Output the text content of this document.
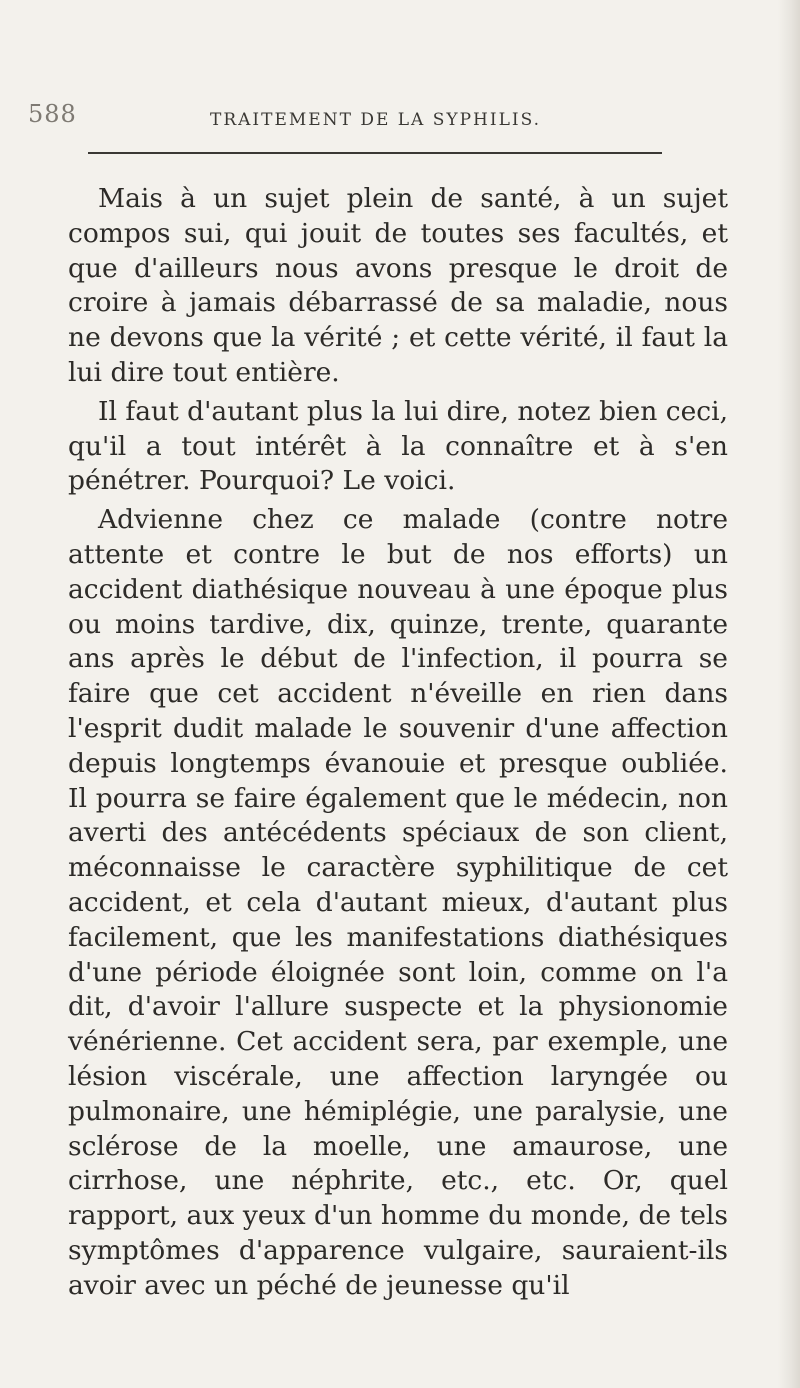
588	TRAITEMENT DE LA SYPHILIS.

Mais à un sujet plein de santé, à un sujet compos sui, qui jouit de toutes ses facultés, et que d'ailleurs nous avons presque le droit de croire à jamais débarrassé de sa maladie, nous ne devons que la vérité ; et cette vérité, il faut la lui dire tout entière.

Il faut d'autant plus la lui dire, notez bien ceci, qu'il a tout intérêt à la connaître et à s'en pénétrer. Pourquoi? Le voici.

Advienne chez ce malade (contre notre attente et contre le but de nos efforts) un accident diathésique nouveau à une époque plus ou moins tardive, dix, quinze, trente, quarante ans après le début de l'infection, il pourra se faire que cet accident n'éveille en rien dans l'esprit dudit malade le souvenir d'une affection depuis longtemps évanouie et presque oubliée. Il pourra se faire également que le médecin, non averti des antécédents spéciaux de son client, méconnaisse le caractère syphilitique de cet accident, et cela d'autant mieux, d'autant plus facilement, que les manifestations diathésiques d'une période éloignée sont loin, comme on l'a dit, d'avoir l'allure suspecte et la physionomie vénérienne. Cet accident sera, par exemple, une lésion viscérale, une affection laryngée ou pulmonaire, une hémiplégie, une paralysie, une sclérose de la moelle, une amaurose, une cirrhose, une néphrite, etc., etc. Or, quel rapport, aux yeux d'un homme du monde, de tels symptômes d'apparence vulgaire, sauraient-ils avoir avec un péché de jeunesse qu'il
